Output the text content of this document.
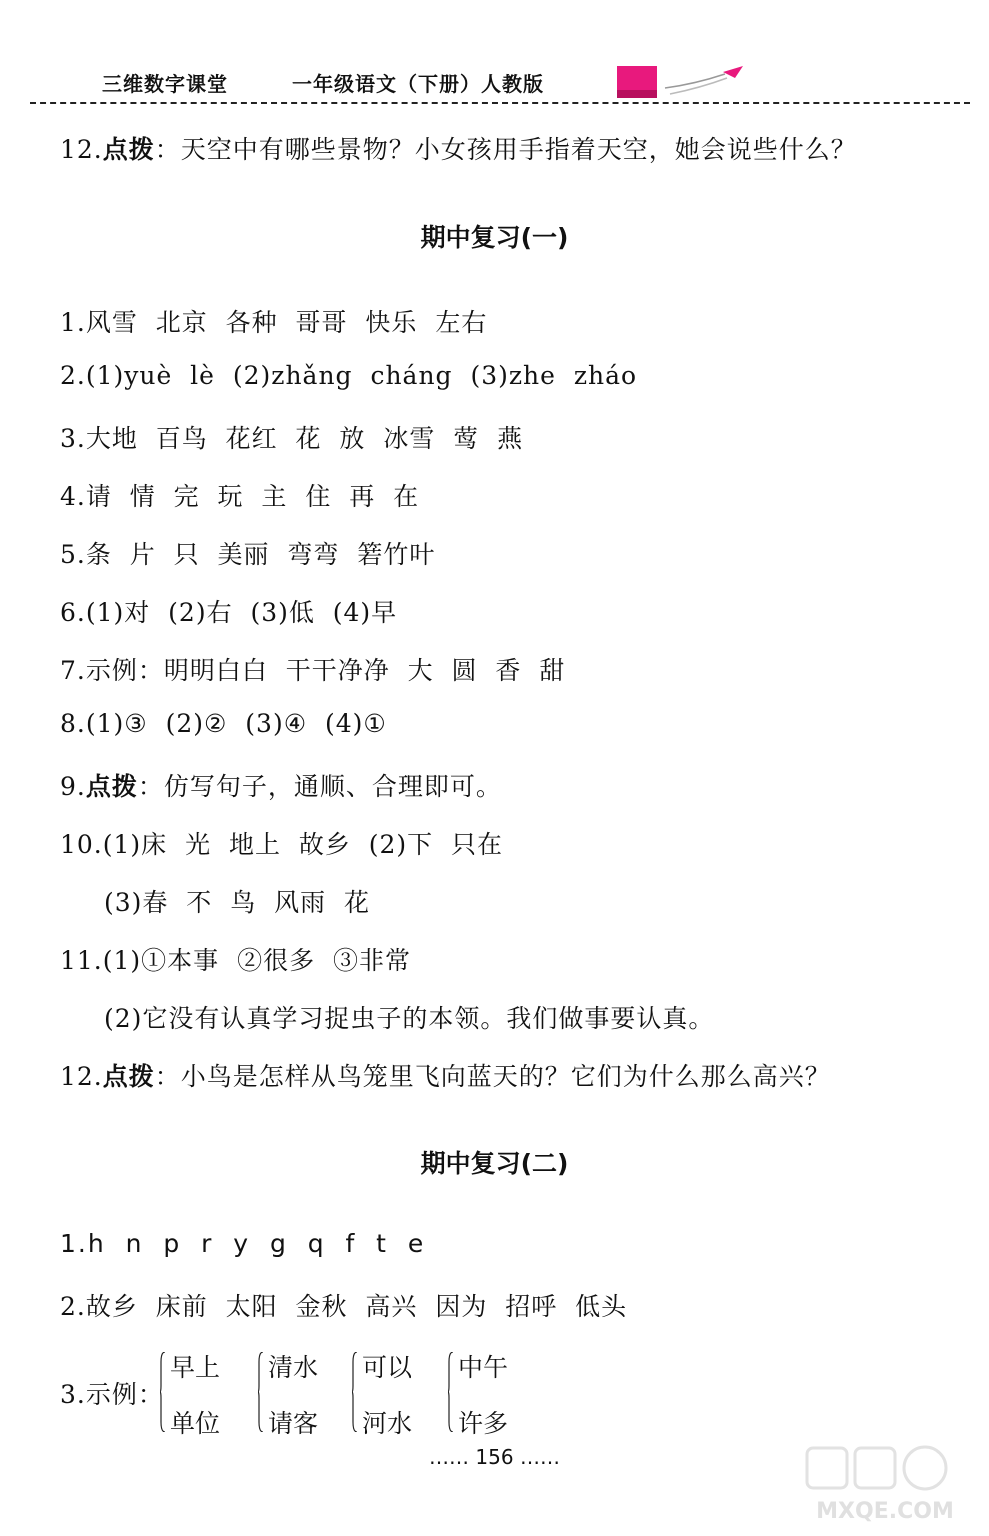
三维数字课堂	一年级语文（下册）人教版
12.点拨：天空中有哪些景物？小女孩用手指着天空，她会说些什么？
期中复习(一)
1.风雪  北京  各种  哥哥  快乐  左右
2.(1)yuè  lè  (2)zhǎng  cháng  (3)zhe  zháo
3.大地  百鸟  花红  花  放  冰雪  莺  燕
4.请  情  完  玩  主  住  再  在
5.条  片  只  美丽  弯弯  箬竹叶
6.(1)对  (2)右  (3)低  (4)早
7.示例：明明白白  干干净净  大  圆  香  甜
8.(1)③  (2)②  (3)④  (4)①
9.点拨：仿写句子，通顺、合理即可。
10.(1)床  光  地上  故乡  (2)下  只在
(3)春  不  鸟  风雨  花
11.(1)①本事  ②很多  ③非常
(2)它没有认真学习捉虫子的本领。我们做事要认真。
12.点拨：小鸟是怎样从鸟笼里飞向蓝天的？它们为什么那么高兴？
期中复习(二)
1.h  n  p  r  y  g  q  f  t  e
2.故乡  床前  太阳  金秋  高兴  因为  招呼  低头
3.示例：
早上
单位
清水
请客
可以
河水
中午
许多
…… 156 ……
MXQE.COM
